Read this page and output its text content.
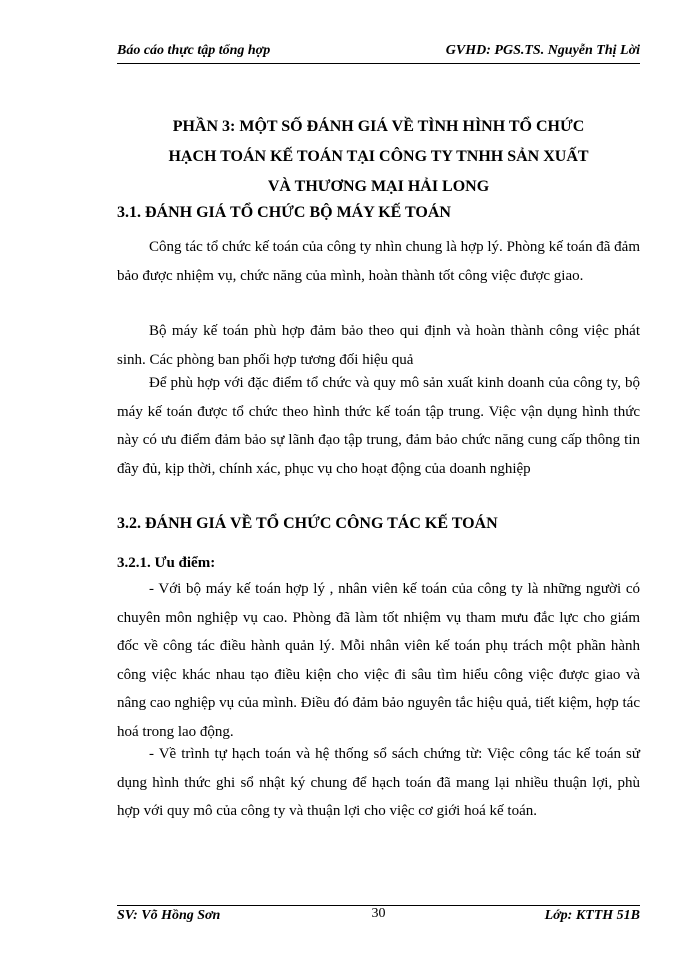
Báo cáo thực tập tổng hợp	GVHD: PGS.TS. Nguyễn Thị Lời
PHẦN 3: MỘT SỐ ĐÁNH GIÁ VỀ TÌNH HÌNH TỔ CHỨC
HẠCH TOÁN KẾ TOÁN TẠI CÔNG TY TNHH SẢN XUẤT
VÀ THƯƠNG MẠI HẢI LONG
3.1. ĐÁNH GIÁ TỔ CHỨC BỘ MÁY KẾ TOÁN
Công tác tổ chức kế toán của công ty nhìn chung là hợp lý. Phòng kế toán đã đảm bảo được nhiệm vụ, chức năng của mình, hoàn thành tốt công việc được giao.
Bộ máy kế toán phù hợp đảm bảo theo qui định và hoàn thành công việc phát sinh. Các phòng ban phối hợp tương đối hiệu quả
Để phù hợp với đặc điểm tổ chức và quy mô sản xuất kinh doanh của công ty, bộ máy kế toán được tổ chức theo hình thức kế toán tập trung. Việc vận dụng hình thức này có ưu điểm đảm bảo sự lãnh đạo tập trung, đảm bảo chức năng cung cấp thông tin đầy đủ, kịp thời, chính xác, phục vụ cho hoạt động của doanh nghiệp
3.2. ĐÁNH GIÁ VỀ TỔ CHỨC CÔNG TÁC KẾ TOÁN
3.2.1. Ưu điểm:
- Với bộ máy kế toán hợp lý , nhân viên kế toán của công ty là những người có chuyên môn nghiệp vụ cao. Phòng đã làm tốt nhiệm vụ tham mưu đắc lực cho giám đốc về công tác điều hành quản lý. Mỗi nhân viên kế toán phụ trách một phần hành công việc khác nhau tạo điều kiện cho việc đi sâu tìm hiểu công việc được giao và nâng cao nghiệp vụ của mình. Điều đó đảm bảo nguyên tắc hiệu quả, tiết kiệm, hợp tác hoá trong lao động.
- Về trình tự hạch toán và hệ thống sổ sách chứng từ: Việc công tác kế toán sử dụng hình thức ghi sổ nhật ký chung để hạch toán đã mang lại nhiều thuận lợi, phù hợp với quy mô của công ty và thuận lợi cho việc cơ giới hoá kế toán.
SV: Võ Hồng Sơn	30	Lớp: KTTH 51B
